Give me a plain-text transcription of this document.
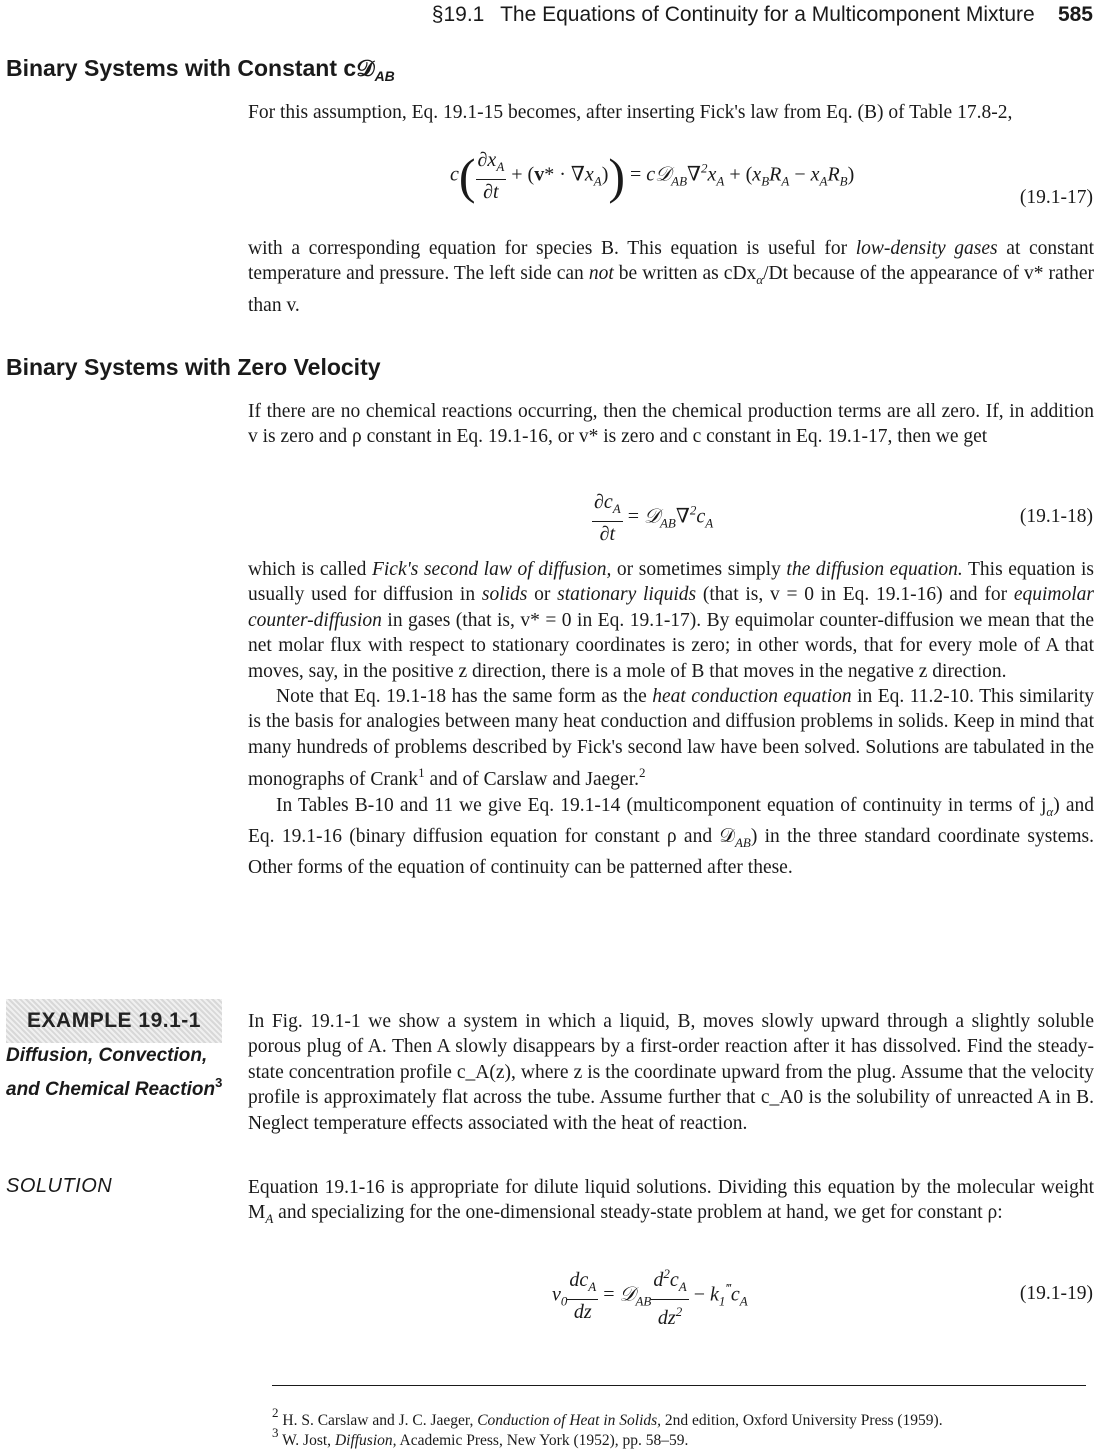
§19.1 The Equations of Continuity for a Multicomponent Mixture 585
Binary Systems with Constant c𝒟$_{AB}$

For this assumption, Eq. 19.1-15 becomes, after inserting Fick's law from Eq. (B) of Table 17.8-2,

$c( \frac{\partial x_A}{\partial t} + (v* \cdot \nabla x_A))$ = $c𝒟_{AB}\nabla^2x_A + (x_BR_A - x_AR_B)$
(19.1-17)

with a corresponding equation for species B. This equation is useful for low-density gases at constant temperature and pressure. The left side can not be written as cDx$_\alpha$/Dt because of the appearance of v* rather than v.

Binary Systems with Zero Velocity

If there are no chemical reactions occurring, then the chemical production terms are all zero. If, in addition v is zero and ρ constant in Eq. 19.1-16, or v* is zero and c constant in Eq. 19.1-17, then we get

$\frac{\partial c_A}{\partial t}$ = $𝒟_{AB}\nabla^2c_A$	(19.1-18)

which is called Fick's second law of diffusion, or sometimes simply the diffusion equation. This equation is usually used for diffusion in solids or stationary liquids (that is, v = 0 in Eq. 19.1-16) and for equimolar counter-diffusion in gases (that is, v* = 0 in Eq. 19.1-17). By equimolar counter-diffusion we mean that the net molar flux with respect to stationary coordinates is zero; in other words, that for every mole of A that moves, say, in the positive z direction, there is a mole of B that moves in the negative z direction.

Note that Eq. 19.1-18 has the same form as the heat conduction equation in Eq. 11.2-10. This similarity is the basis for analogies between many heat conduction and diffusion problems in solids. Keep in mind that many hundreds of problems described by Fick's second law have been solved. Solutions are tabulated in the monographs of Crank$^1$ and of Carslaw and Jaeger.$^2$

In Tables B-10 and 11 we give Eq. 19.1-14 (multicomponent equation of continuity in terms of $j_\alpha$) and Eq. 19.1-16 (binary diffusion equation for constant ρ and 𝒟$_{AB}$) in the three standard coordinate systems. Other forms of the equation of continuity can be patterned after these.

EXAMPLE 19.1-1
Diffusion, Convection,
and Chemical Reaction$^3$

In Fig. 19.1-1 we show a system in which a liquid, B, moves slowly upward through a slightly soluble porous plug of A. Then A slowly disappears by a first-order reaction after it has dissolved. Find the steady-state concentration profile c_A(z), where z is the coordinate upward from the plug. Assume that the velocity profile is approximately flat across the tube. Assume further that c_A0 is the solubility of unreacted A in B. Neglect temperature effects associated with the heat of reaction.

SOLUTION	Equation 19.1-16 is appropriate for dilute liquid solutions. Dividing this equation by the molecular weight $M_A$ and specializing for the one-dimensional steady-state problem at hand, we get for constant ρ:

$v_0 \frac{dc_A}{dz}$ = 𝒟$_{AB}$ $\frac{d^2c_A}{dz^2} - k_1^‴c_A$	(19.1-19)
$^2$ H. S. Carslaw and J. C. Jaeger, Conduction of Heat in Solids, 2nd edition, Oxford University Press (1959).
$^3$ W. Jost, Diffusion, Academic Press, New York (1952), pp. 58–59.
